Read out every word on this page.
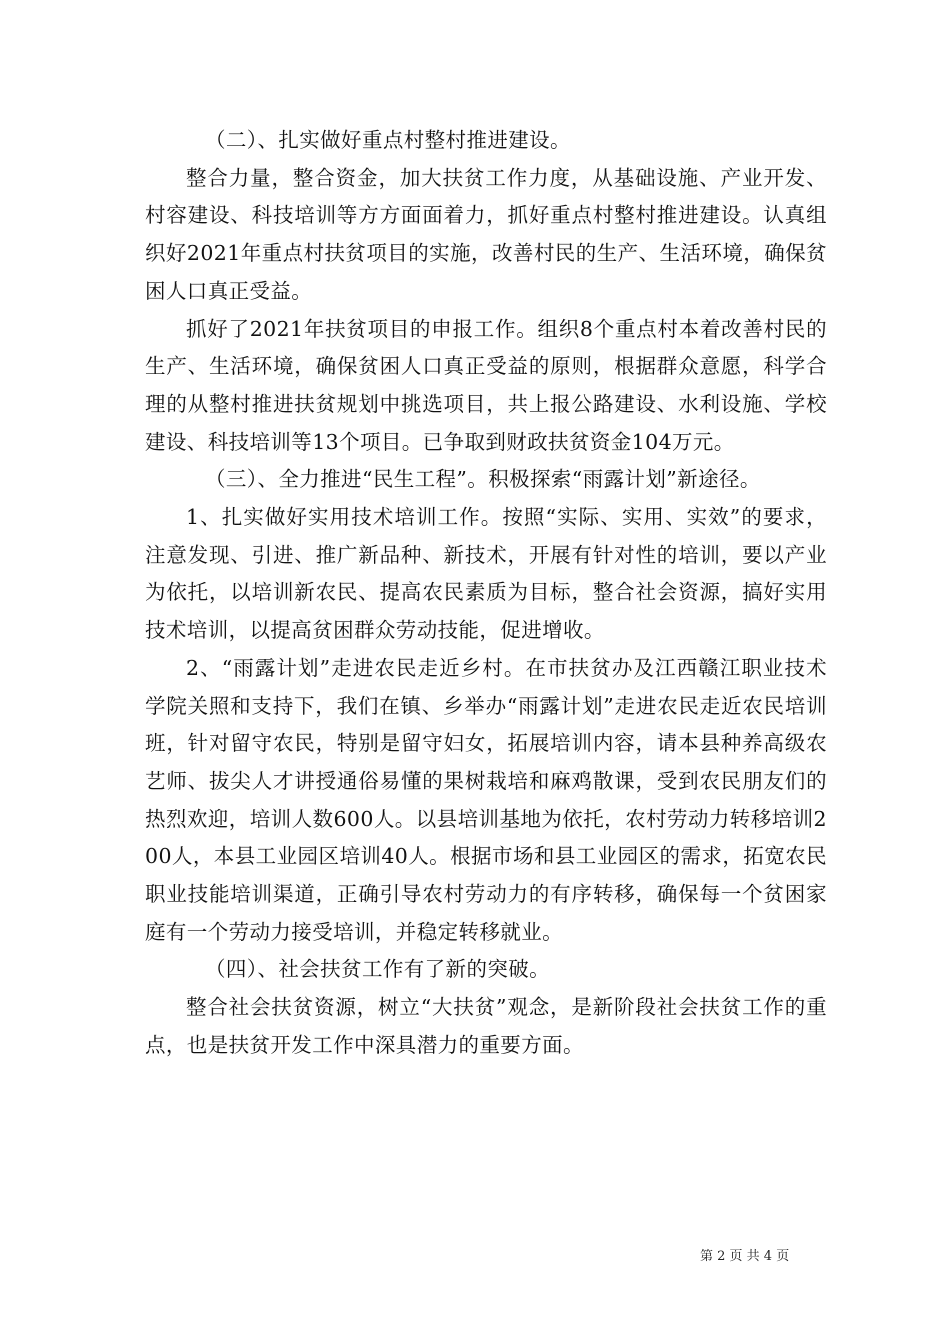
（二）、扎实做好重点村整村推进建设。

整合力量，整合资金，加大扶贫工作力度，从基础设施、产业开发、村容建设、科技培训等方方面面着力，抓好重点村整村推进建设。认真组织好2021年重点村扶贫项目的实施，改善村民的生产、生活环境，确保贫困人口真正受益。

抓好了2021年扶贫项目的申报工作。组织8个重点村本着改善村民的生产、生活环境，确保贫困人口真正受益的原则，根据群众意愿，科学合理的从整村推进扶贫规划中挑选项目，共上报公路建设、水利设施、学校建设、科技培训等13个项目。已争取到财政扶贫资金104万元。

（三）、全力推进“民生工程”。积极探索“雨露计划”新途径。

1、扎实做好实用技术培训工作。按照“实际、实用、实效”的要求，注意发现、引进、推广新品种、新技术，开展有针对性的培训，要以产业为依托，以培训新农民、提高农民素质为目标，整合社会资源，搞好实用技术培训，以提高贫困群众劳动技能，促进增收。

2、“雨露计划”走进农民走近乡村。在市扶贫办及江西赣江职业技术学院关照和支持下，我们在镇、乡举办“雨露计划”走进农民走近农民培训班，针对留守农民，特别是留守妇女，拓展培训内容，请本县种养高级农艺师、拔尖人才讲授通俗易懂的果树栽培和麻鸡散课，受到农民朋友们的热烈欢迎，培训人数600人。以县培训基地为依托，农村劳动力转移培训200人，本县工业园区培训40人。根据市场和县工业园区的需求，拓宽农民职业技能培训渠道，正确引导农村劳动力的有序转移，确保每一个贫困家庭有一个劳动力接受培训，并稳定转移就业。

（四）、社会扶贫工作有了新的突破。

整合社会扶贫资源，树立“大扶贫”观念，是新阶段社会扶贫工作的重点，也是扶贫开发工作中深具潜力的重要方面。

第 2 页 共 4 页
